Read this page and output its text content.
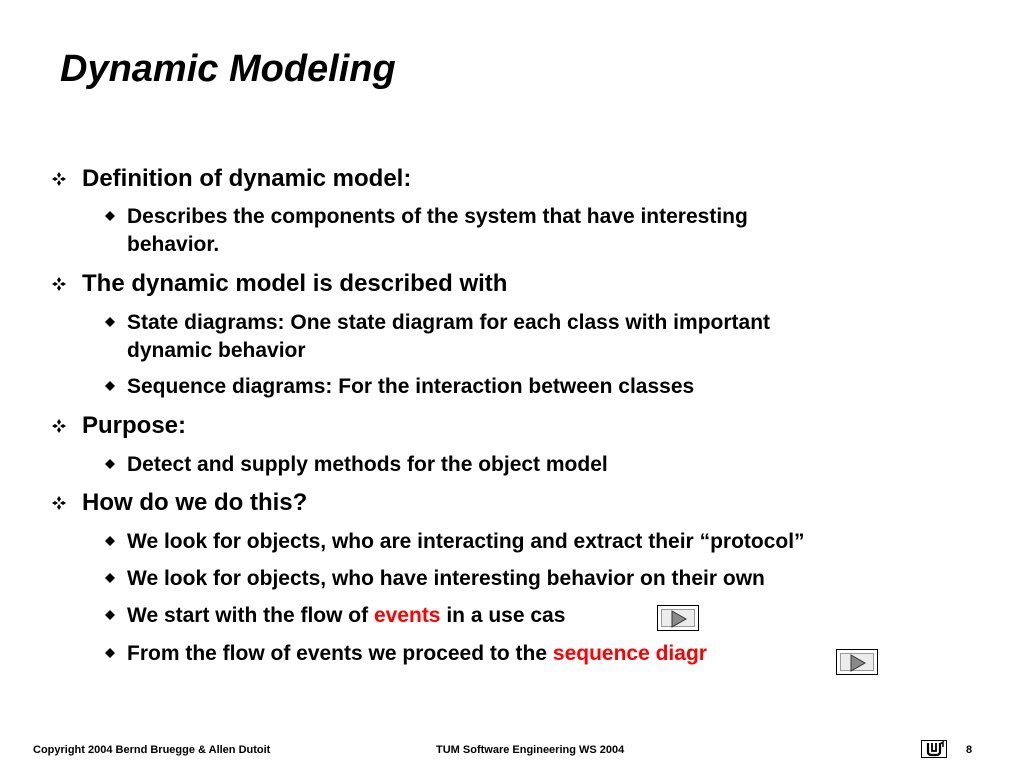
Dynamic Modeling
Definition of dynamic model:
Describes the components of the system that have interesting
behavior.
The dynamic model is described with
State diagrams: One state diagram for each class with important
dynamic behavior
Sequence diagrams: For the interaction between classes
Purpose:
Detect and supply methods for the object model
How do we do this?
We look for objects, who are interacting and extract their “protocol”
We look for objects, who have interesting behavior on their own
We start with the flow of events in a use cas
From the flow of events we proceed to the sequence diagr
Copyright 2004 Bernd Bruegge & Allen Dutoit	TUM Software Engineering WS 2004	8
